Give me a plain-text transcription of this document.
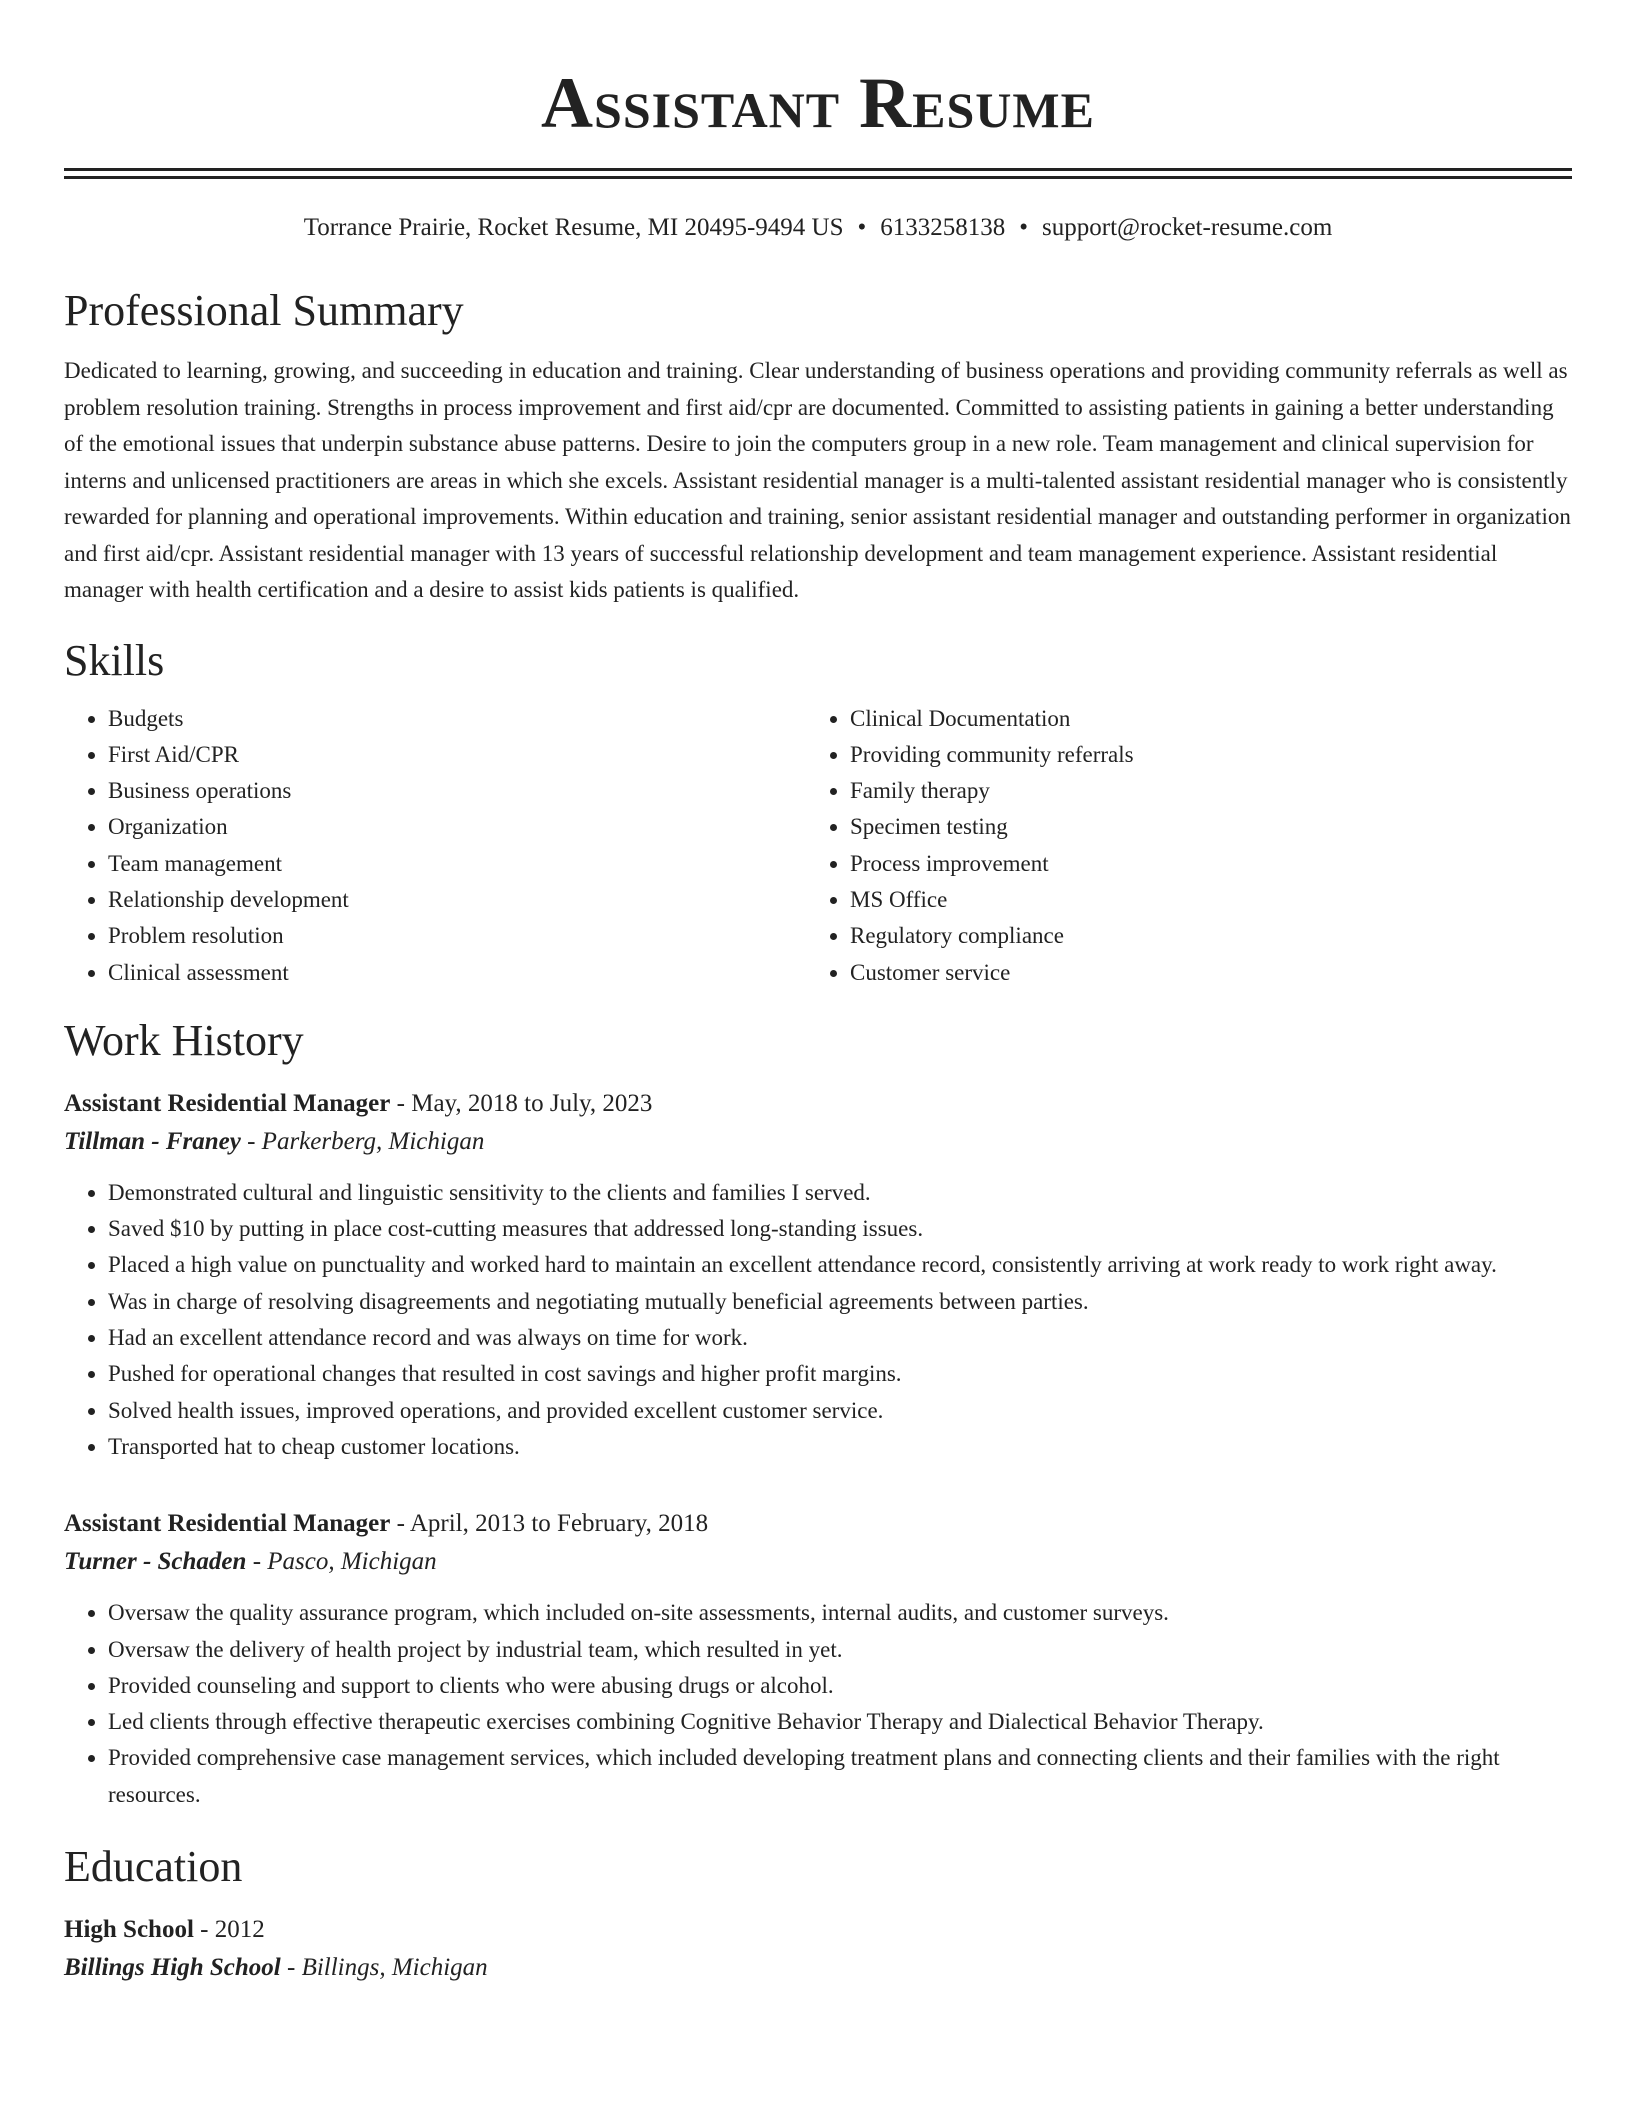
Assistant Resume
Torrance Prairie, Rocket Resume, MI 20495-9494 US • 6133258138 • support@rocket-resume.com
Professional Summary
Dedicated to learning, growing, and succeeding in education and training. Clear understanding of business operations and providing community referrals as well as problem resolution training. Strengths in process improvement and first aid/cpr are documented. Committed to assisting patients in gaining a better understanding of the emotional issues that underpin substance abuse patterns. Desire to join the computers group in a new role. Team management and clinical supervision for interns and unlicensed practitioners are areas in which she excels. Assistant residential manager is a multi-talented assistant residential manager who is consistently rewarded for planning and operational improvements. Within education and training, senior assistant residential manager and outstanding performer in organization and first aid/cpr. Assistant residential manager with 13 years of successful relationship development and team management experience. Assistant residential manager with health certification and a desire to assist kids patients is qualified.
Skills
• Budgets
• First Aid/CPR
• Business operations
• Organization
• Team management
• Relationship development
• Problem resolution
• Clinical assessment
• Clinical Documentation
• Providing community referrals
• Family therapy
• Specimen testing
• Process improvement
• MS Office
• Regulatory compliance
• Customer service
Work History
Assistant Residential Manager - May, 2018 to July, 2023
Tillman - Franey - Parkerberg, Michigan
• Demonstrated cultural and linguistic sensitivity to the clients and families I served.
• Saved $10 by putting in place cost-cutting measures that addressed long-standing issues.
• Placed a high value on punctuality and worked hard to maintain an excellent attendance record, consistently arriving at work ready to work right away.
• Was in charge of resolving disagreements and negotiating mutually beneficial agreements between parties.
• Had an excellent attendance record and was always on time for work.
• Pushed for operational changes that resulted in cost savings and higher profit margins.
• Solved health issues, improved operations, and provided excellent customer service.
• Transported hat to cheap customer locations.
Assistant Residential Manager - April, 2013 to February, 2018
Turner - Schaden - Pasco, Michigan
• Oversaw the quality assurance program, which included on-site assessments, internal audits, and customer surveys.
• Oversaw the delivery of health project by industrial team, which resulted in yet.
• Provided counseling and support to clients who were abusing drugs or alcohol.
• Led clients through effective therapeutic exercises combining Cognitive Behavior Therapy and Dialectical Behavior Therapy.
• Provided comprehensive case management services, which included developing treatment plans and connecting clients and their families with the right resources.
Education
High School - 2012
Billings High School - Billings, Michigan
